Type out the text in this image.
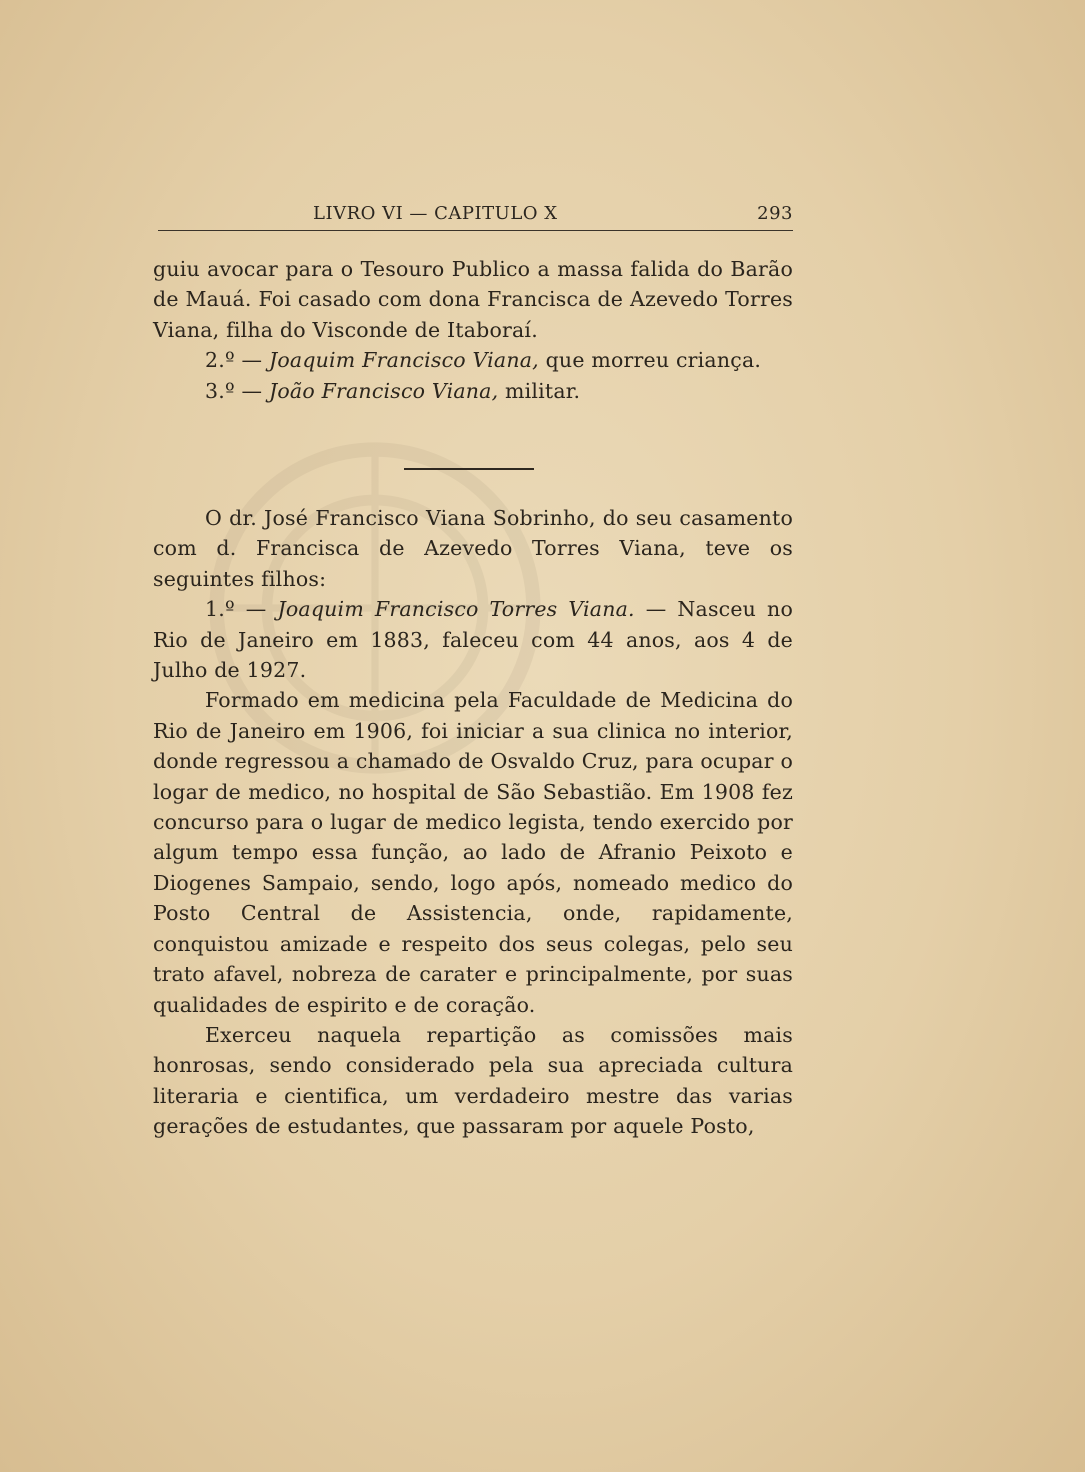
LIVRO VI — CAPITULO X	293

guiu avocar para o Tesouro Publico a massa falida do Barão de Mauá. Foi casado com dona Francisca de Azevedo Torres Viana, filha do Visconde de Itaboraí.

2.º — Joaquim Francisco Viana, que morreu criança.

3.º — João Francisco Viana, militar.

O dr. José Francisco Viana Sobrinho, do seu casamento com d. Francisca de Azevedo Torres Viana, teve os seguintes filhos:

1.º — Joaquim Francisco Torres Viana. — Nasceu no Rio de Janeiro em 1883, faleceu com 44 anos, aos 4 de Julho de 1927.

Formado em medicina pela Faculdade de Medicina do Rio de Janeiro em 1906, foi iniciar a sua clinica no interior, donde regressou a chamado de Osvaldo Cruz, para ocupar o logar de medico, no hospital de São Sebastião. Em 1908 fez concurso para o lugar de medico legista, tendo exercido por algum tempo essa função, ao lado de Afranio Peixoto e Diogenes Sampaio, sendo, logo após, nomeado medico do Posto Central de Assistencia, onde, rapidamente, conquistou amizade e respeito dos seus colegas, pelo seu trato afavel, nobreza de carater e principalmente, por suas qualidades de espirito e de coração.

Exerceu naquela repartição as comissões mais honrosas, sendo considerado pela sua apreciada cultura literaria e cientifica, um verdadeiro mestre das varias gerações de estudantes, que passaram por aquele Posto,
